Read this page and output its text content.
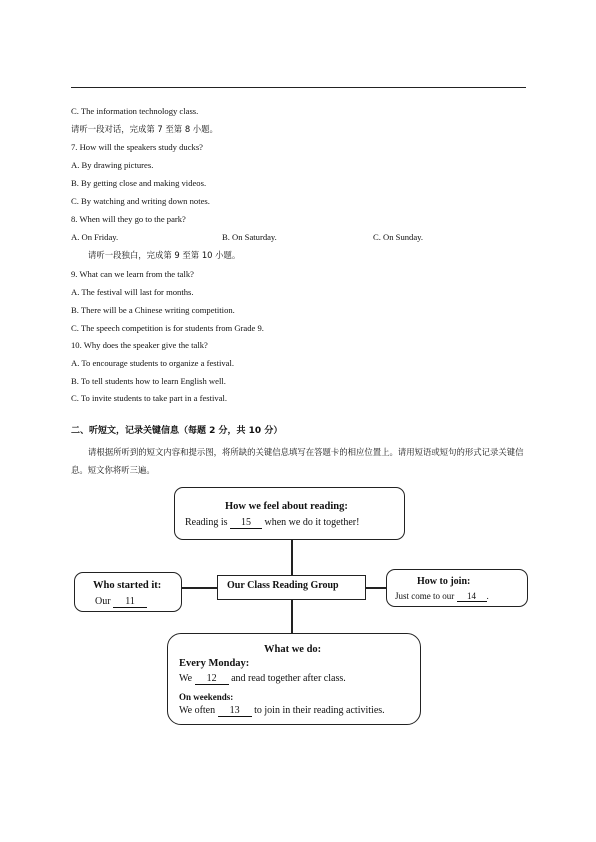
C. The information technology class.
请听一段对话，完成第 7 至第 8 小题。
7. How will the speakers study ducks?
A. By drawing pictures.
B. By getting close and making videos.
C. By watching and writing down notes.
8. When will they go to the park?
A. On Friday.	B. On Saturday.	C. On Sunday.
请听一段独白，完成第 9 至第 10 小题。
9. What can we learn from the talk?
A. The festival will last for months.
B. There will be a Chinese writing competition.
C. The speech competition is for students from Grade 9.
10. Why does the speaker give the talk?
A. To encourage students to organize a festival.
B. To tell students how to learn English well.
C. To invite students to take part in a festival.
二、听短文，记录关键信息（每题 2 分，共 10 分）
请根据所听到的短文内容和提示图，将所缺的关键信息填写在答题卡的相应位置上。请用短语或短句的形式记录关键信息。短文你将听三遍。
How we feel about reading:
Reading is 15 when we do it together!
Our Class Reading Group
Who started it:
Our 11
How to join:
Just come to our 14 .
What we do:
Every Monday:
We 12 and read together after class.
On weekends:
We often 13 to join in their reading activities.
